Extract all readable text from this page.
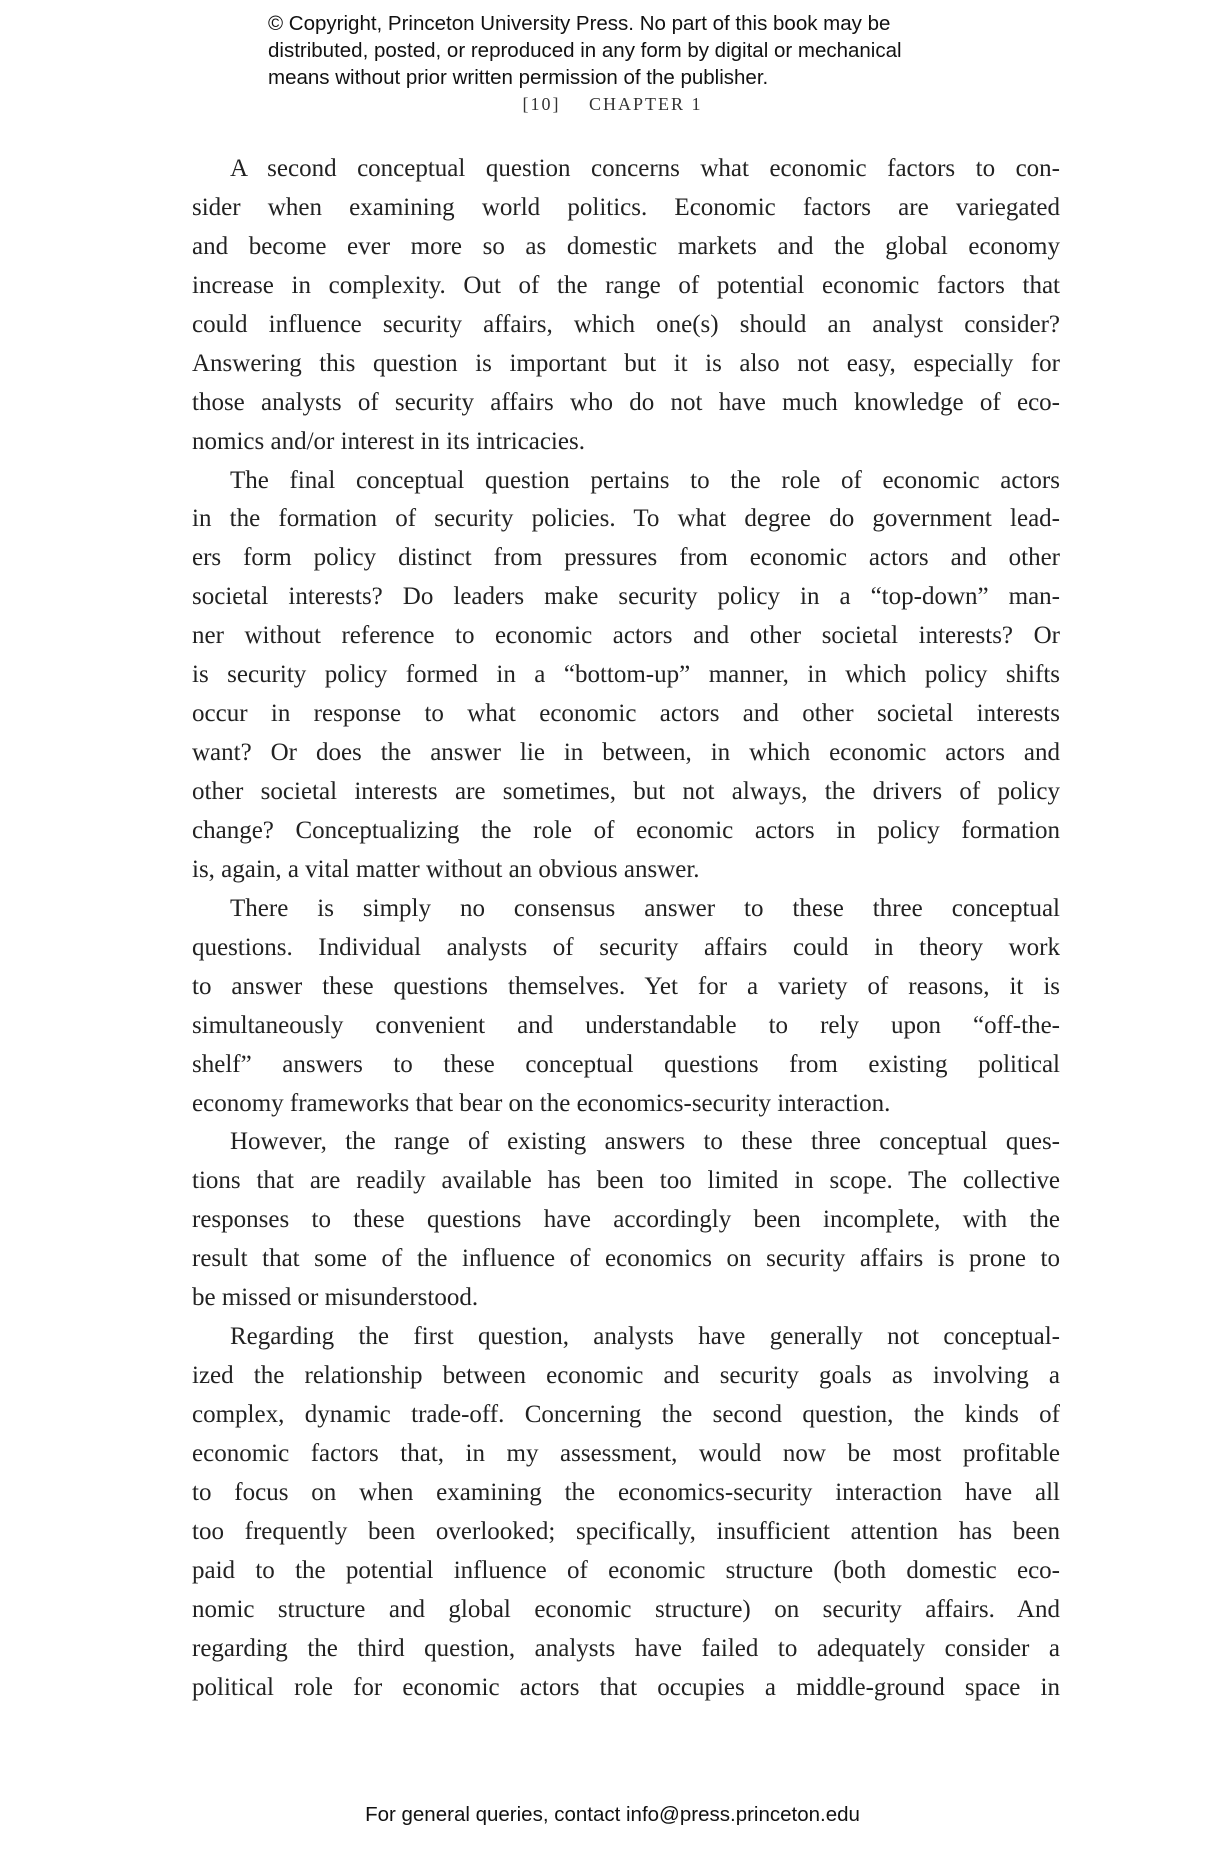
© Copyright, Princeton University Press. No part of this book may be
distributed, posted, or reproduced in any form by digital or mechanical
means without prior written permission of the publisher.
[10] CHAPTER 1
A second conceptual question concerns what economic factors to con-
sider when examining world politics. Economic factors are variegated
and become ever more so as domestic markets and the global economy
increase in complexity. Out of the range of potential economic factors that
could influence security affairs, which one(s) should an analyst consider?
Answering this question is important but it is also not easy, especially for
those analysts of security affairs who do not have much knowledge of eco-
nomics and/or interest in its intricacies.
The final conceptual question pertains to the role of economic actors
in the formation of security policies. To what degree do government lead-
ers form policy distinct from pressures from economic actors and other
societal interests? Do leaders make security policy in a “top-down” man-
ner without reference to economic actors and other societal interests? Or
is security policy formed in a “bottom-up” manner, in which policy shifts
occur in response to what economic actors and other societal interests
want? Or does the answer lie in between, in which economic actors and
other societal interests are sometimes, but not always, the drivers of policy
change? Conceptualizing the role of economic actors in policy formation
is, again, a vital matter without an obvious answer.
There is simply no consensus answer to these three conceptual
questions. Individual analysts of security affairs could in theory work
to answer these questions themselves. Yet for a variety of reasons, it is
simultaneously convenient and understandable to rely upon “off-the-
shelf” answers to these conceptual questions from existing political
economy frameworks that bear on the economics-security interaction.
However, the range of existing answers to these three conceptual ques-
tions that are readily available has been too limited in scope. The collective
responses to these questions have accordingly been incomplete, with the
result that some of the influence of economics on security affairs is prone to
be missed or misunderstood.
Regarding the first question, analysts have generally not conceptual-
ized the relationship between economic and security goals as involving a
complex, dynamic trade-off. Concerning the second question, the kinds of
economic factors that, in my assessment, would now be most profitable
to focus on when examining the economics-security interaction have all
too frequently been overlooked; specifically, insufficient attention has been
paid to the potential influence of economic structure (both domestic eco-
nomic structure and global economic structure) on security affairs. And
regarding the third question, analysts have failed to adequately consider a
political role for economic actors that occupies a middle-ground space in
For general queries, contact info@press.princeton.edu
